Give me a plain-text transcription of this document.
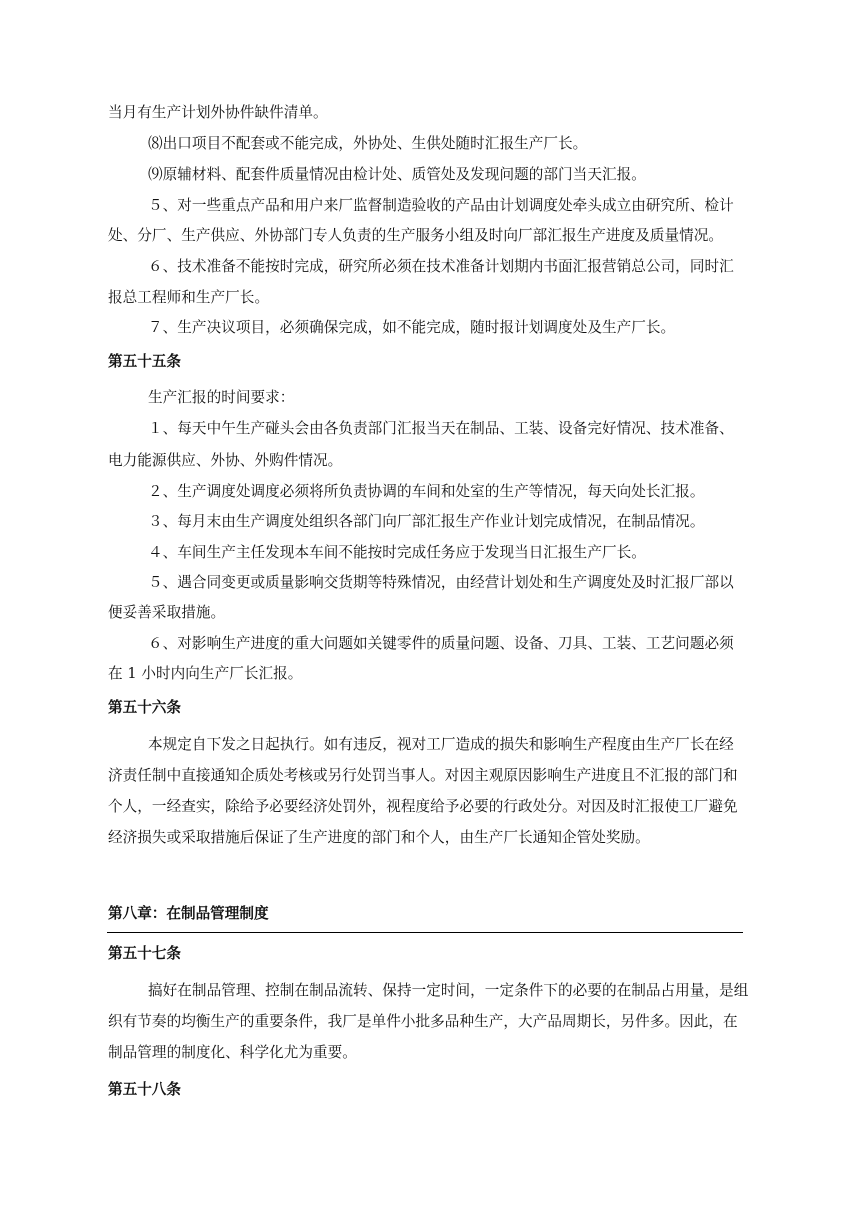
当月有生产计划外协件缺件清单。
⑻出口项目不配套或不能完成，外协处、生供处随时汇报生产厂长。
⑼原辅材料、配套件质量情况由检计处、质管处及发现问题的部门当天汇报。
５、对一些重点产品和用户来厂监督制造验收的产品由计划调度处牵头成立由研究所、检计
处、分厂、生产供应、外协部门专人负责的生产服务小组及时向厂部汇报生产进度及质量情况。
６、技术准备不能按时完成，研究所必须在技术准备计划期内书面汇报营销总公司，同时汇
报总工程师和生产厂长。
７、生产决议项目，必须确保完成，如不能完成，随时报计划调度处及生产厂长。
第五十五条
生产汇报的时间要求：
１、每天中午生产碰头会由各负责部门汇报当天在制品、工装、设备完好情况、技术准备、
电力能源供应、外协、外购件情况。
２、生产调度处调度必须将所负责协调的车间和处室的生产等情况，每天向处长汇报。
３、每月末由生产调度处组织各部门向厂部汇报生产作业计划完成情况，在制品情况。
４、车间生产主任发现本车间不能按时完成任务应于发现当日汇报生产厂长。
５、遇合同变更或质量影响交货期等特殊情况，由经营计划处和生产调度处及时汇报厂部以
便妥善采取措施。
６、对影响生产进度的重大问题如关键零件的质量问题、设备、刀具、工装、工艺问题必须
在 1 小时内向生产厂长汇报。
第五十六条
本规定自下发之日起执行。如有违反，视对工厂造成的损失和影响生产程度由生产厂长在经
济责任制中直接通知企质处考核或另行处罚当事人。对因主观原因影响生产进度且不汇报的部门和
个人，一经查实，除给予必要经济处罚外，视程度给予必要的行政处分。对因及时汇报使工厂避免
经济损失或采取措施后保证了生产进度的部门和个人，由生产厂长通知企管处奖励。
第八章：在制品管理制度
第五十七条
搞好在制品管理、控制在制品流转、保持一定时间，一定条件下的必要的在制品占用量，是组
织有节奏的均衡生产的重要条件，我厂是单件小批多品种生产，大产品周期长，另件多。因此，在
制品管理的制度化、科学化尤为重要。
第五十八条
